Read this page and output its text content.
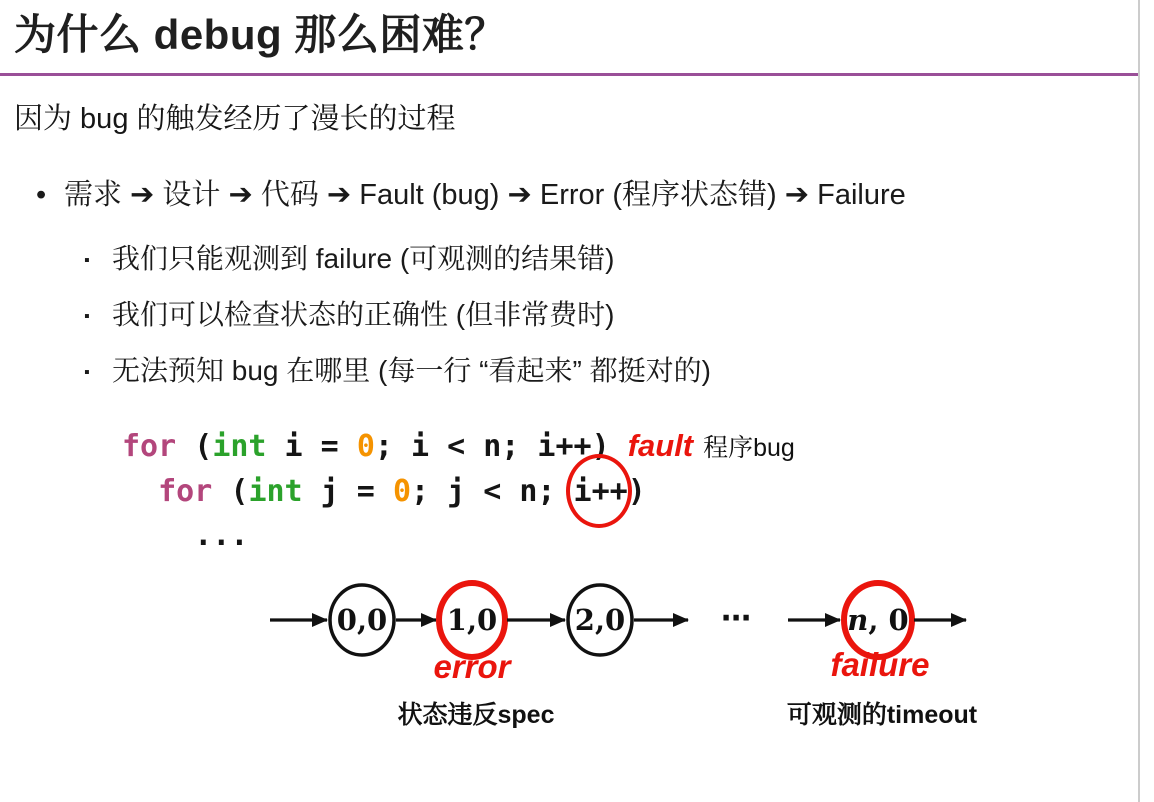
为什么 debug 那么困难？
因为 bug 的触发经历了漫长的过程
• 需求 ➔ 设计 ➔ 代码 ➔ Fault (bug) ➔ Error (程序状态错) ➔ Failure
▪ 我们只能观测到 failure (可观测的结果错)
▪ 我们可以检查状态的正确性 (但非常费时)
▪ 无法预知 bug 在哪里 (每一行 “看起来” 都挺对的)
for (int i = 0; i < n; i++) fault 程序bug
for (int j = 0; j < n; i++)
...
0,0 1,0	2,0	⋯	n, 0
error
状态违反spec
failure
可观测的timeout
